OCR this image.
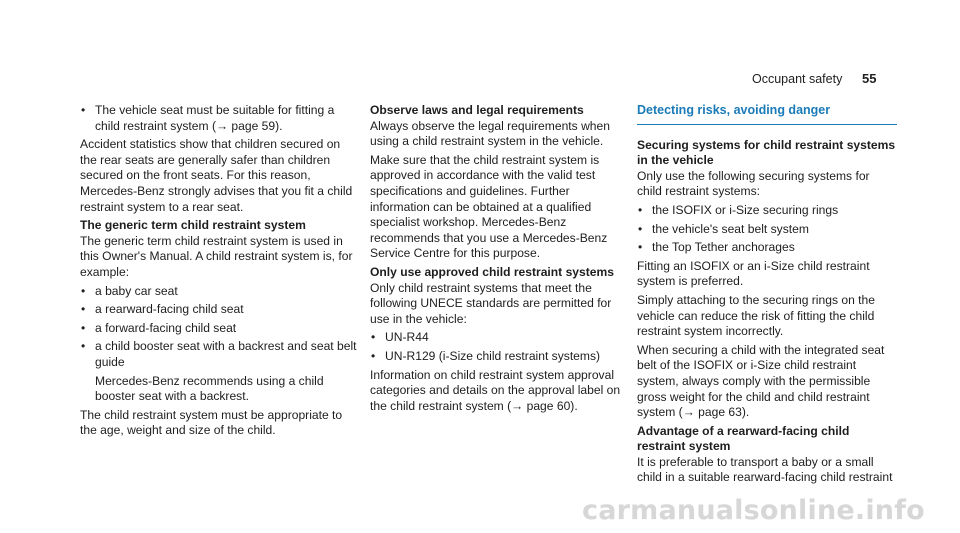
Occupant safety 55
• The vehicle seat must be suitable for fitting a child restraint system (→ page 59).

Accident statistics show that children secured on the rear seats are generally safer than children secured on the front seats. For this reason, Mercedes-Benz strongly advises that you fit a child restraint system to a rear seat.

The generic term child restraint system

The generic term child restraint system is used in this Owner's Manual. A child restraint system is, for example:

• a baby car seat
• a rearward-facing child seat
• a forward-facing child seat
• a child booster seat with a backrest and seat belt guide

Mercedes-Benz recommends using a child booster seat with a backrest.

The child restraint system must be appropriate to the age, weight and size of the child.

Observe laws and legal requirements

Always observe the legal requirements when using a child restraint system in the vehicle.

Make sure that the child restraint system is approved in accordance with the valid test specifications and guidelines. Further information can be obtained at a qualified specialist workshop. Mercedes-Benz recommends that you use a Mercedes-Benz Service Centre for this purpose.

Only use approved child restraint systems

Only child restraint systems that meet the following UNECE standards are permitted for use in the vehicle:

• UN-R44
• UN-R129 (i-Size child restraint systems)

Information on child restraint system approval categories and details on the approval label on the child restraint system (→ page 60).

Detecting risks, avoiding danger

Securing systems for child restraint systems in the vehicle

Only use the following securing systems for child restraint systems:

• the ISOFIX or i-Size securing rings
• the vehicle's seat belt system
• the Top Tether anchorages

Fitting an ISOFIX or an i-Size child restraint system is preferred.

Simply attaching to the securing rings on the vehicle can reduce the risk of fitting the child restraint system incorrectly.

When securing a child with the integrated seat belt of the ISOFIX or i-Size child restraint system, always comply with the permissible gross weight for the child and child restraint system (→ page 63).

Advantage of a rearward-facing child restraint system

It is preferable to transport a baby or a small child in a suitable rearward-facing child restraint

carmanualsonline.info
